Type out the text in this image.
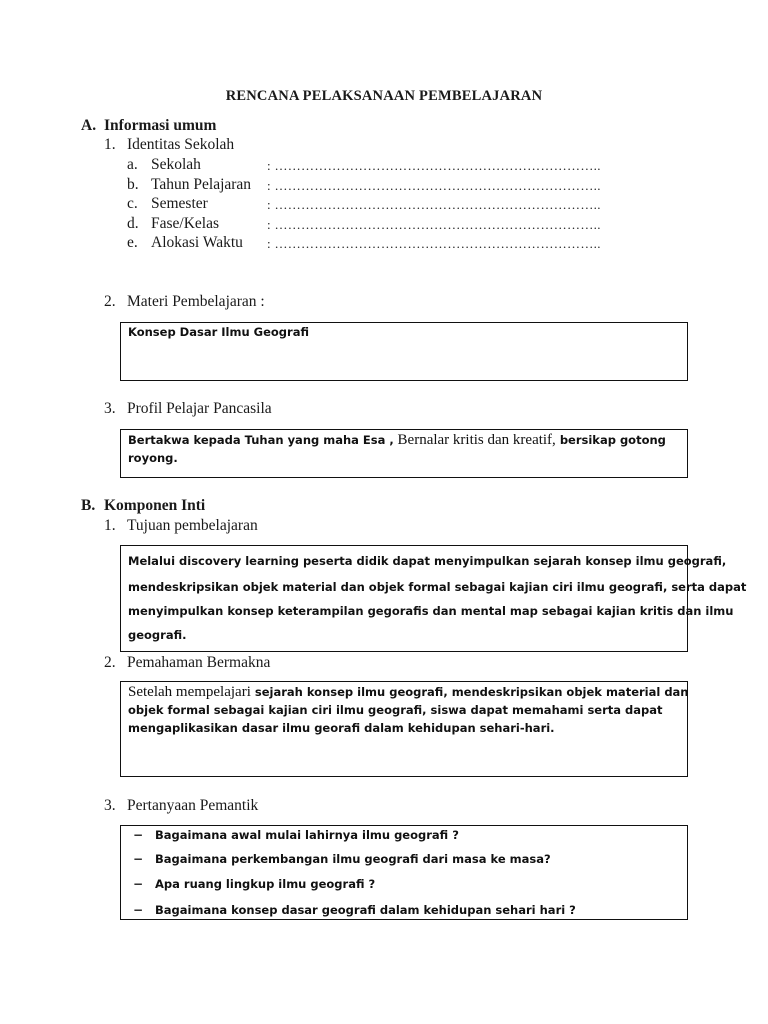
RENCANA PELAKSANAAN PEMBELAJARAN
A. Informasi umum
1. Identitas Sekolah
a. Sekolah	: ………………………………………………………………..
b. Tahun Pelajaran : ………………………………………………………………..
c. Semester	: ………………………………………………………………..
d. Fase/Kelas	: ………………………………………………………………..
e. Alokasi Waktu : ………………………………………………………………..
2. Materi Pembelajaran :
Konsep Dasar Ilmu Geografi
3. Profil Pelajar Pancasila
Bertakwa kepada Tuhan yang maha Esa , Bernalar kritis dan kreatif, bersikap gotong
royong.
B. Komponen Inti
1. Tujuan pembelajaran
Melalui discovery learning peserta didik dapat menyimpulkan sejarah konsep ilmu geografi,
mendeskripsikan objek material dan objek formal sebagai kajian ciri ilmu geografi, serta dapat
menyimpulkan konsep keterampilan gegorafis dan mental map sebagai kajian kritis dan ilmu
geografi.
2. Pemahaman Bermakna
Setelah mempelajari sejarah konsep ilmu geografi, mendeskripsikan objek material dan
objek formal sebagai kajian ciri ilmu geografi, siswa dapat memahami serta dapat
mengaplikasikan dasar ilmu georafi dalam kehidupan sehari-hari.
3. Pertanyaan Pemantik
− Bagaimana awal mulai lahirnya ilmu geografi ?
− Bagaimana perkembangan ilmu geografi dari masa ke masa?
− Apa ruang lingkup ilmu geografi ?
− Bagaimana konsep dasar geografi dalam kehidupan sehari hari ?
